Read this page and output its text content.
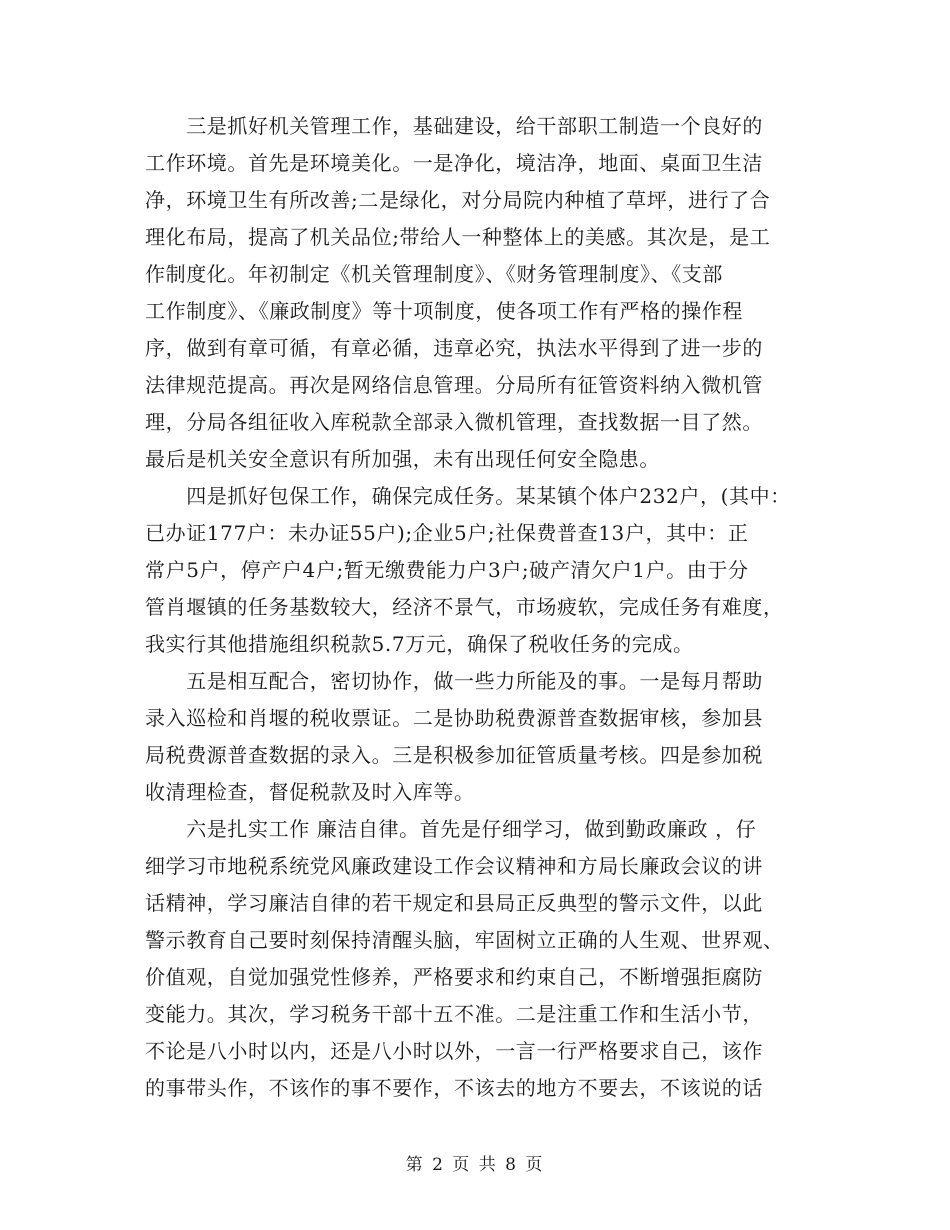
　　三是抓好机关管理工作，基础建设，给干部职工制造一个良好的
工作环境。首先是环境美化。一是净化，境洁净，地面、桌面卫生洁
净，环境卫生有所改善;二是绿化，对分局院内种植了草坪，进行了合
理化布局，提高了机关品位;带给人一种整体上的美感。其次是，是工
作制度化。年初制定《机关管理制度》、《财务管理制度》、《支部
工作制度》、《廉政制度》等十项制度，使各项工作有严格的操作程
序，做到有章可循，有章必循，违章必究，执法水平得到了进一步的
法律规范提高。再次是网络信息管理。分局所有征管资料纳入微机管
理，分局各组征收入库税款全部录入微机管理，查找数据一目了然。
最后是机关安全意识有所加强，未有出现任何安全隐患。

　　四是抓好包保工作，确保完成任务。某某镇个体户232户，(其中：
已办证177户：未办证55户);企业5户;社保费普查13户，其中：正
常户5户，停产户4户;暂无缴费能力户3户;破产清欠户1户。由于分
管肖堰镇的任务基数较大，经济不景气，市场疲软，完成任务有难度，
我实行其他措施组织税款5.7万元，确保了税收任务的完成。

　　五是相互配合，密切协作，做一些力所能及的事。一是每月帮助
录入巡检和肖堰的税收票证。二是协助税费源普查数据审核，参加县
局税费源普查数据的录入。三是积极参加征管质量考核。四是参加税
收清理检查，督促税款及时入库等。

　　六是扎实工作 廉洁自律。首先是仔细学习，做到勤政廉政 ，仔
细学习市地税系统党风廉政建设工作会议精神和方局长廉政会议的讲
话精神，学习廉洁自律的若干规定和县局正反典型的警示文件，以此
警示教育自己要时刻保持清醒头脑，牢固树立正确的人生观、世界观、
价值观，自觉加强党性修养，严格要求和约束自己，不断增强拒腐防
变能力。其次，学习税务干部十五不准。二是注重工作和生活小节，
不论是八小时以内，还是八小时以外，一言一行严格要求自己，该作
的事带头作，不该作的事不要作，不该去的地方不要去，不该说的话

第 2 页 共 8 页
